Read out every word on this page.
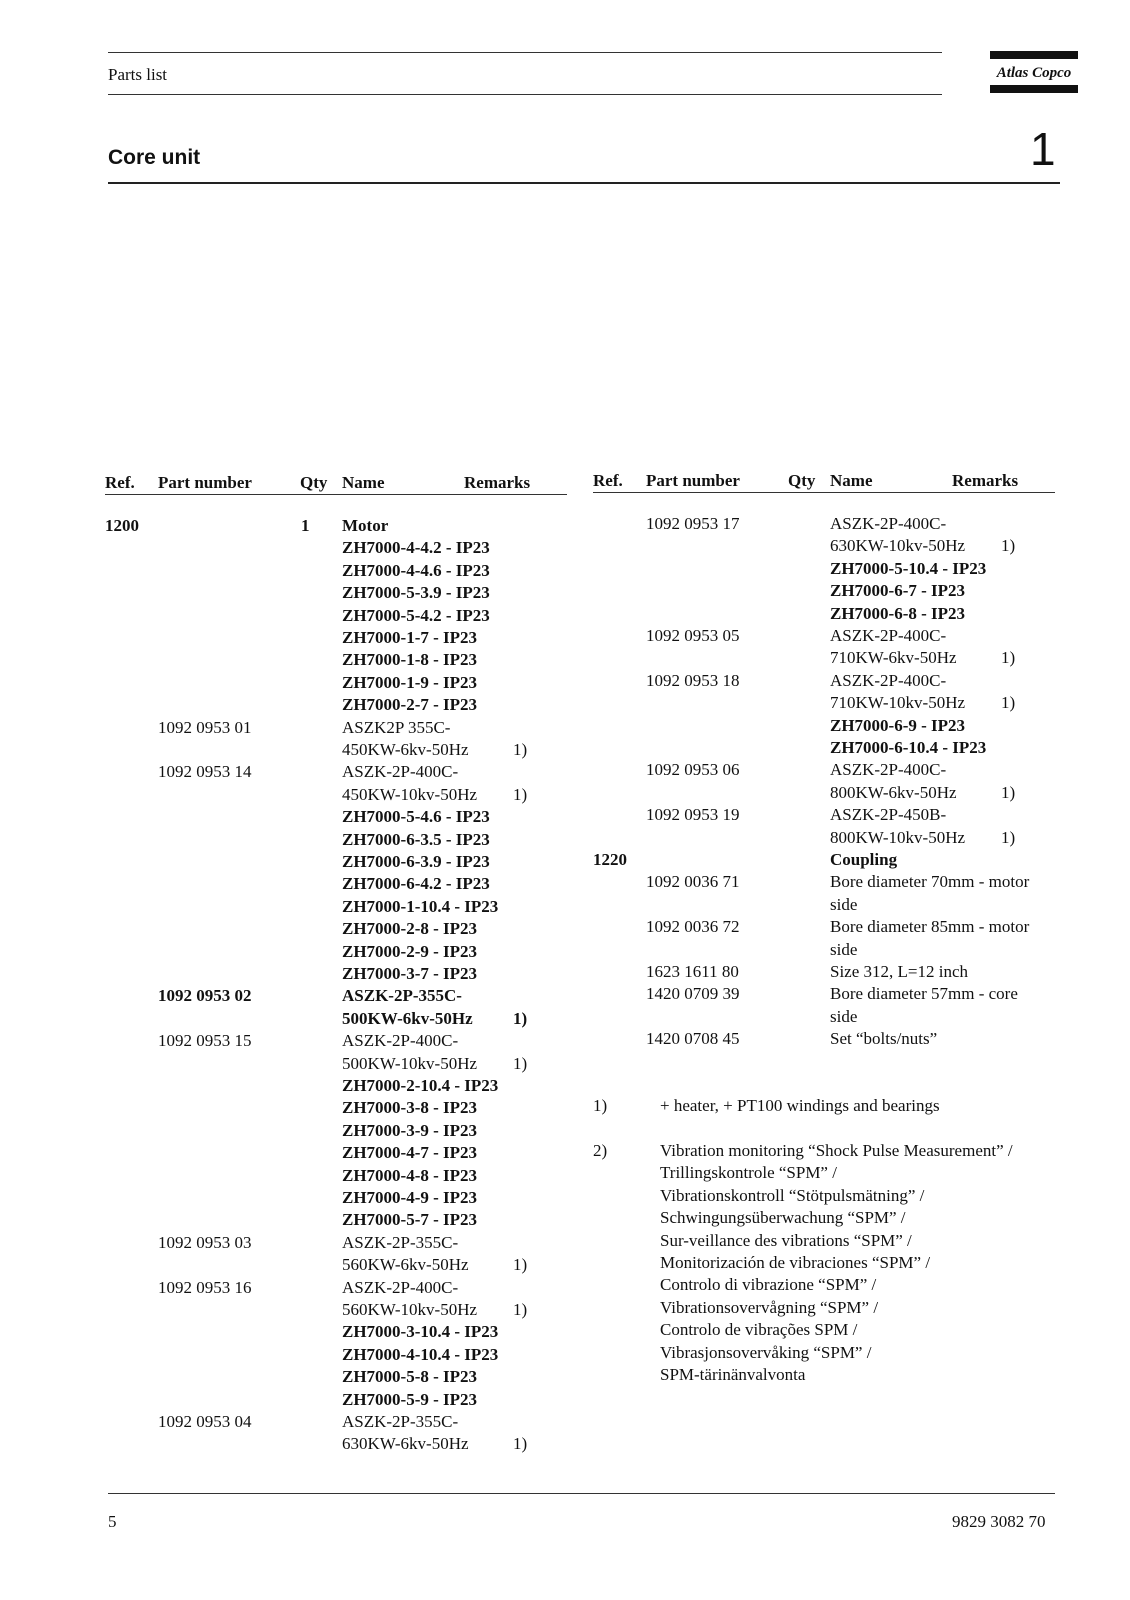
Parts list	Atlas Copco
Core unit	1
Ref. Part number	Qty Name	Remarks	Ref. Part number	Qty Name	Remarks
1200	1 Motor
ZH7000-4-4.2 - IP23
ZH7000-4-4.6 - IP23
ZH7000-5-3.9 - IP23
ZH7000-5-4.2 - IP23
ZH7000-1-7 - IP23
ZH7000-1-8 - IP23
ZH7000-1-9 - IP23
ZH7000-2-7 - IP23
1092 0953 01	ASZK2P 355C-
450KW-6kv-50Hz	1)
1092 0953 14	ASZK-2P-400C-
450KW-10kv-50Hz 1)
ZH7000-5-4.6 - IP23
ZH7000-6-3.5 - IP23
ZH7000-6-3.9 - IP23
ZH7000-6-4.2 - IP23
ZH7000-1-10.4 - IP23
ZH7000-2-8 - IP23
ZH7000-2-9 - IP23
ZH7000-3-7 - IP23
1092 0953 02	ASZK-2P-355C-
500KW-6kv-50Hz 1)
1092 0953 15	ASZK-2P-400C-
500KW-10kv-50Hz 1)
ZH7000-2-10.4 - IP23
ZH7000-3-8 - IP23
ZH7000-3-9 - IP23
ZH7000-4-7 - IP23
ZH7000-4-8 - IP23
ZH7000-4-9 - IP23
ZH7000-5-7 - IP23
1092 0953 03	ASZK-2P-355C-
560KW-6kv-50Hz	1)
1092 0953 16	ASZK-2P-400C-
560KW-10kv-50Hz 1)
ZH7000-3-10.4 - IP23
ZH7000-4-10.4 - IP23
ZH7000-5-8 - IP23
ZH7000-5-9 - IP23
1092 0953 04	ASZK-2P-355C-
630KW-6kv-50Hz	1)
1092 0953 17	ASZK-2P-400C-
630KW-10kv-50Hz 1)
ZH7000-5-10.4 - IP23
ZH7000-6-7 - IP23
ZH7000-6-8 - IP23
1092 0953 05	ASZK-2P-400C-
710KW-6kv-50Hz	1)
1092 0953 18	ASZK-2P-400C-
710KW-10kv-50Hz 1)
ZH7000-6-9 - IP23
ZH7000-6-10.4 - IP23
1092 0953 06	ASZK-2P-400C-
800KW-6kv-50Hz	1)
1092 0953 19	ASZK-2P-450B-
800KW-10kv-50Hz 1)
1220	Coupling
1092 0036 71	Bore diameter 70mm - motor
side
1092 0036 72	Bore diameter 85mm - motor
side
1623 1611 80	Size 312, L=12 inch
1420 0709 39	Bore diameter 57mm - core
side
1420 0708 45	Set “bolts/nuts”
1)	+ heater, + PT100 windings and bearings
2)	Vibration monitoring “Shock Pulse Measurement” /
Trillingskontrole “SPM” /
Vibrationskontroll “Stötpulsmätning” /
Schwingungsüberwachung “SPM” /
Sur-veillance des vibrations “SPM” /
Monitorización de vibraciones “SPM” /
Controlo di vibrazione “SPM” /
Vibrationsovervågning “SPM” /
Controlo de vibrações SPM /
Vibrasjonsovervåking “SPM” /
SPM-tärinänvalvonta
5	9829 3082 70
